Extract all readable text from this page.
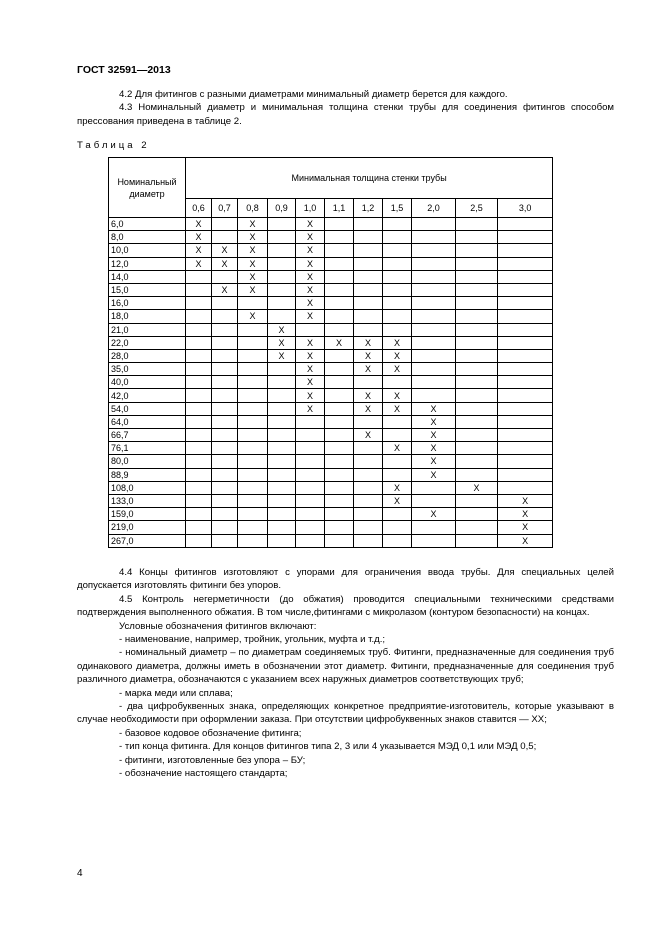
ГОСТ 32591—2013

4.2 Для фитингов с разными диаметрами минимальный диаметр берется для каждого.

4.3 Номинальный диаметр и минимальная толщина стенки трубы для соединения фитингов способом прессования приведена в таблице 2.

Таблица 2
Номинальный диаметр	Минимальная толщина стенки трубы										
	0,6	0,7	0,8	0,9	1,0	1,1	1,2	1,5	2,0	2,5	3,0
6,0	X		X		X						
8,0	X		X		X						
10,0	X	X	X		X						
12,0	X	X	X		X						
14,0			X		X						
15,0		X	X		X						
16,0					X						
18,0			X		X						
21,0				X							
22,0				X	X	X	X	X			
28,0				X	X		X	X			
35,0					X		X	X			
40,0					X						
42,0					X		X	X			
54,0					X		X	X	X		
64,0									X		
66,7							X		X		
76,1								X	X		
80,0									X		
88,9									X		
108,0								X		X	
133,0								X			X
159,0									X		X
219,0											X
267,0											X

4.4 Концы фитингов изготовляют с упорами для ограничения ввода трубы. Для специальных целей допускается изготовлять фитинги без упоров.

4.5 Контроль негерметичности (до обжатия) проводится специальными техническими средствами подтверждения выполненного обжатия. В том числе,фитингами с микролазом (контуром безопасности) на концах.

Условные обозначения фитингов включают:

- наименование, например, тройник, угольник, муфта и т.д.;

- номинальный диаметр – по диаметрам соединяемых труб. Фитинги, предназначенные для соединения труб одинакового диаметра, должны иметь в обозначении этот диаметр. Фитинги, предназначенные для соединения труб различного диаметра, обозначаются с указанием всех наружных диаметров соответствующих труб;

- марка меди или сплава;

- два цифробуквенных знака, определяющих конкретное предприятие-изготовитель, которые указывают в случае необходимости при оформлении заказа. При отсутствии цифробуквенных знаков ставится — ХХ;

- базовое кодовое обозначение фитинга;

- тип конца фитинга. Для концов фитингов типа 2, 3 или 4 указывается МЭД 0,1 или МЭД 0,5;

- фитинги, изготовленные без упора – БУ;

- обозначение настоящего стандарта;

4
